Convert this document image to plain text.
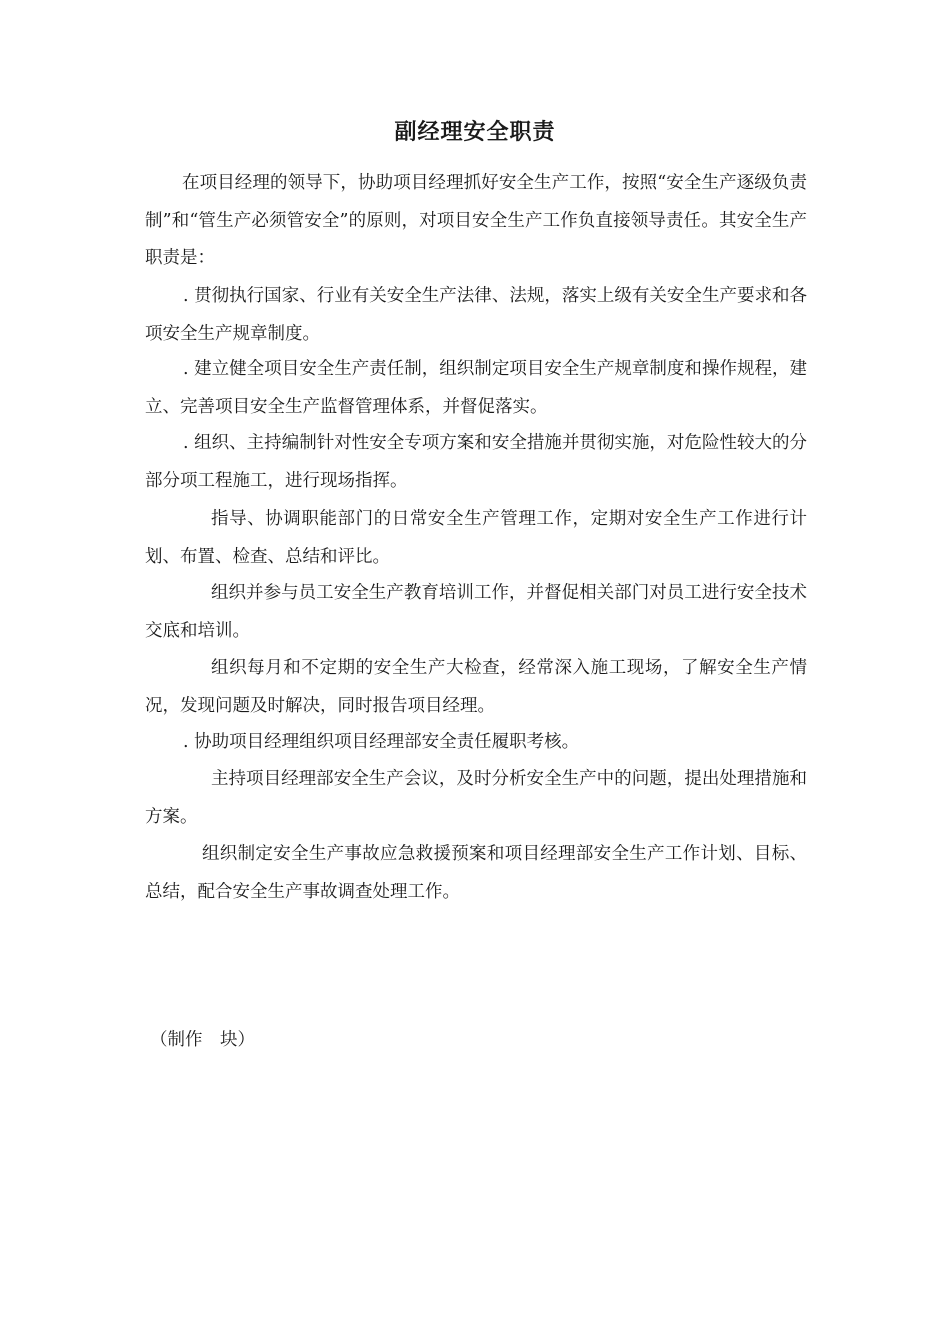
副经理安全职责

在项目经理的领导下，协助项目经理抓好安全生产工作，按照“安全生产逐级负责制”和“管生产必须管安全”的原则，对项目安全生产工作负直接领导责任。其安全生产职责是：

. 贯彻执行国家、行业有关安全生产法律、法规，落实上级有关安全生产要求和各项安全生产规章制度。

. 建立健全项目安全生产责任制，组织制定项目安全生产规章制度和操作规程，建立、完善项目安全生产监督管理体系，并督促落实。

. 组织、主持编制针对性安全专项方案和安全措施并贯彻实施，对危险性较大的分部分项工程施工，进行现场指挥。

指导、协调职能部门的日常安全生产管理工作，定期对安全生产工作进行计划、布置、检查、总结和评比。

组织并参与员工安全生产教育培训工作，并督促相关部门对员工进行安全技术交底和培训。

组织每月和不定期的安全生产大检查，经常深入施工现场，了解安全生产情况，发现问题及时解决，同时报告项目经理。

. 协助项目经理组织项目经理部安全责任履职考核。

主持项目经理部安全生产会议，及时分析安全生产中的问题，提出处理措施和方案。

组织制定安全生产事故应急救援预案和项目经理部安全生产工作计划、目标、总结，配合安全生产事故调查处理工作。

（制作　块）
